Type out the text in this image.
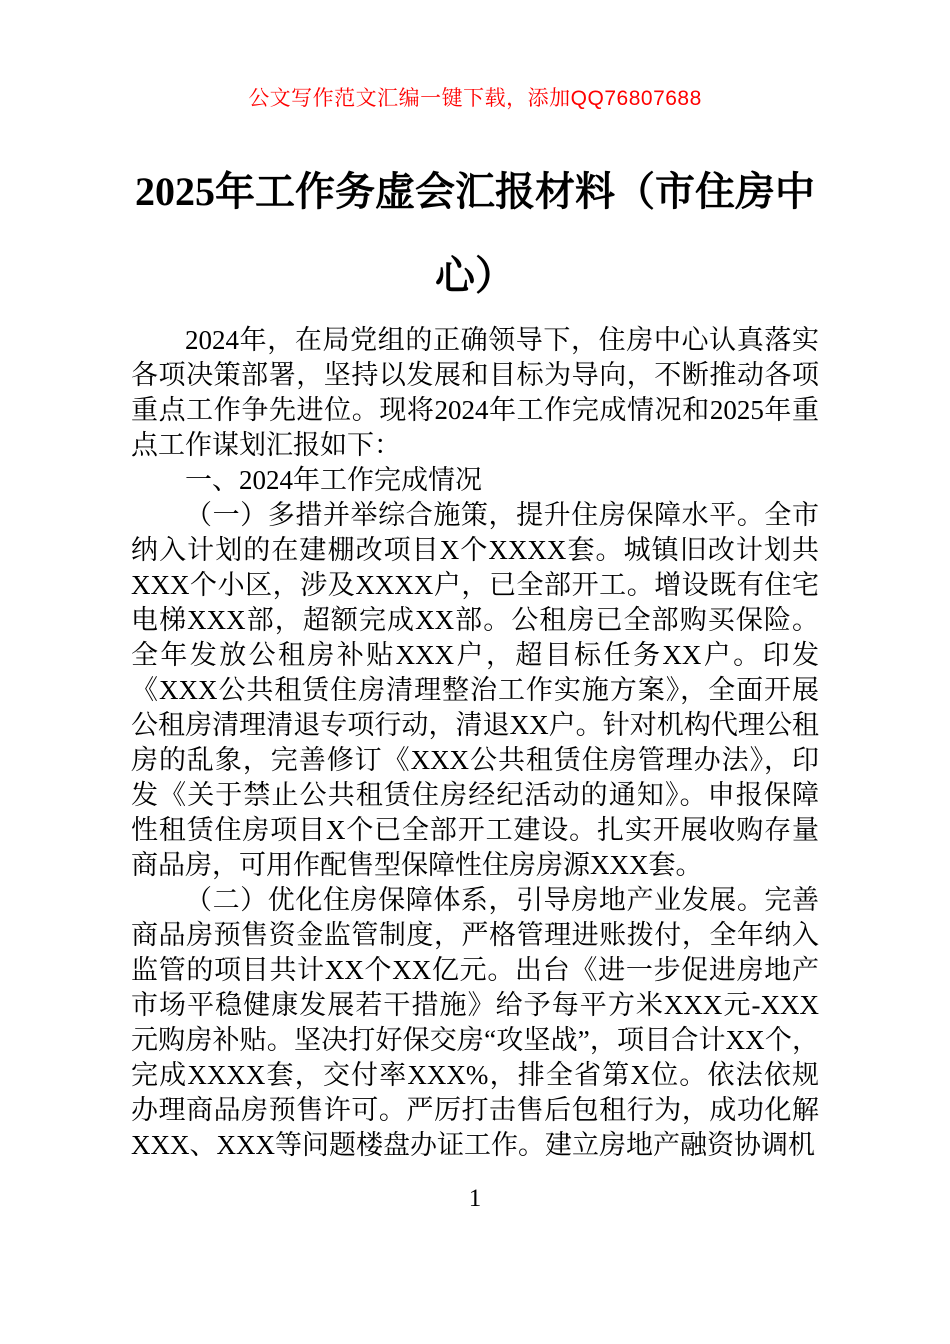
公文写作范文汇编一键下载，添加QQ76807688
2025年工作务虚会汇报材料（市住房中心）

2024年，在局党组的正确领导下，住房中心认真落实各项决策部署，坚持以发展和目标为导向，不断推动各项重点工作争先进位。现将2024年工作完成情况和2025年重点工作谋划汇报如下：

一、2024年工作完成情况

（一）多措并举综合施策，提升住房保障水平。全市纳入计划的在建棚改项目X个XXXX套。城镇旧改计划共XXX个小区，涉及XXXX户，已全部开工。增设既有住宅电梯XXX部，超额完成XX部。公租房已全部购买保险。全年发放公租房补贴XXX户，超目标任务XX户。印发《XXX公共租赁住房清理整治工作实施方案》，全面开展公租房清理清退专项行动，清退XX户。针对机构代理公租房的乱象，完善修订《XXX公共租赁住房管理办法》，印发《关于禁止公共租赁住房经纪活动的通知》。申报保障性租赁住房项目X个已全部开工建设。扎实开展收购存量商品房，可用作配售型保障性住房房源XXX套。

（二）优化住房保障体系，引导房地产业发展。完善商品房预售资金监管制度，严格管理进账拨付，全年纳入监管的项目共计XX个XX亿元。出台《进一步促进房地产市场平稳健康发展若干措施》给予每平方米XXX元-XXX元购房补贴。坚决打好保交房“攻坚战”，项目合计XX个，完成XXXX套，交付率XXX%，排全省第X位。依法依规办理商品房预售许可。严厉打击售后包租行为，成功化解XXX、XXX等问题楼盘办证工作。建立房地产融资协调机

1
